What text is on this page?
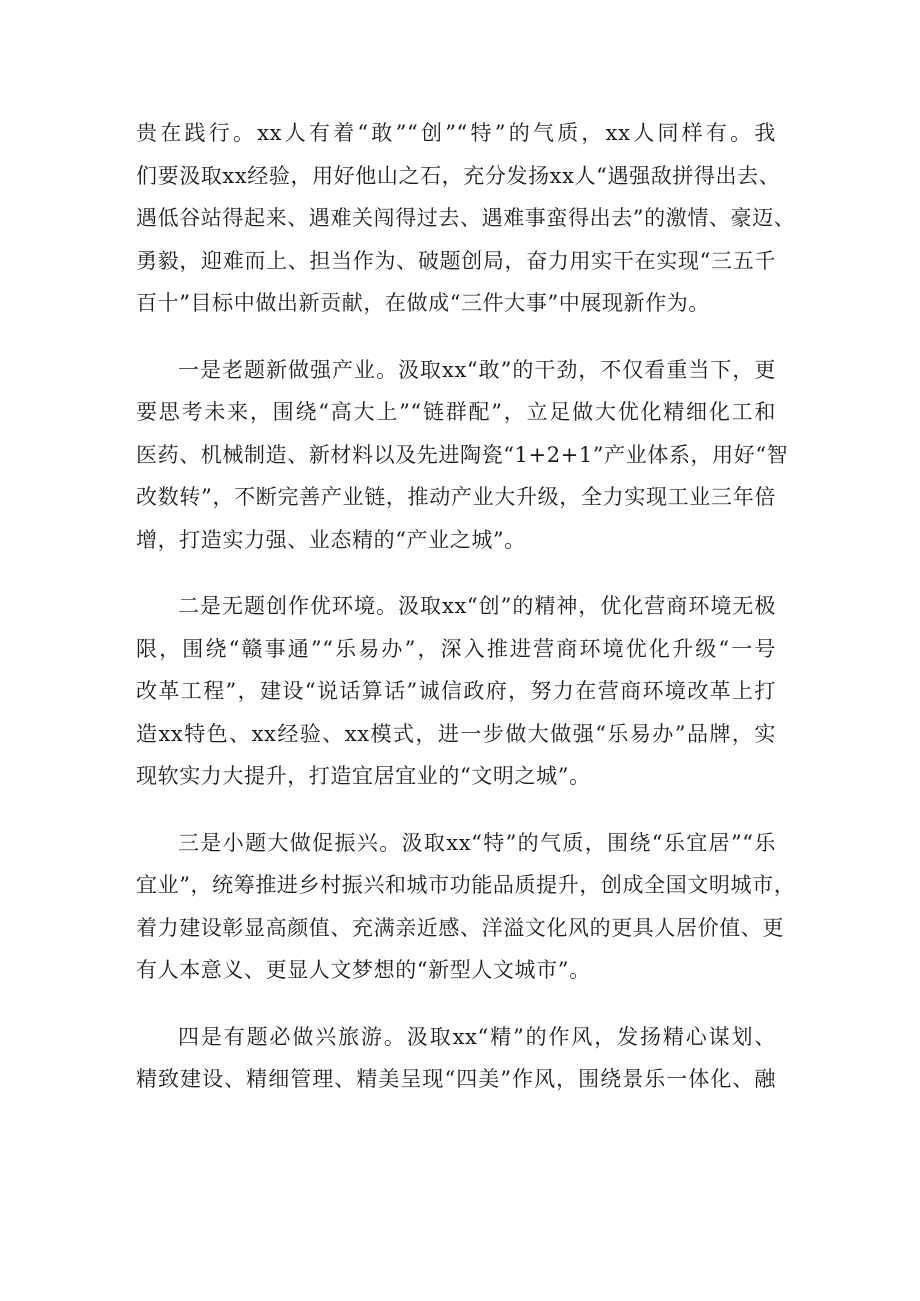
贵在践行。xx人有着“敢”“创”“特”的气质，xx人同样有。我
们要汲取xx经验，用好他山之石，充分发扬xx人“遇强敌拼得出去、
遇低谷站得起来、遇难关闯得过去、遇难事蛮得出去”的激情、豪迈、
勇毅，迎难而上、担当作为、破题创局，奋力用实干在实现“三五千
百十”目标中做出新贡献，在做成“三件大事”中展现新作为。

一是老题新做强产业。汲取xx“敢”的干劲，不仅看重当下，更
要思考未来，围绕“高大上”“链群配”，立足做大优化精细化工和
医药、机械制造、新材料以及先进陶瓷“1+2+1”产业体系，用好“智
改数转”，不断完善产业链，推动产业大升级，全力实现工业三年倍
增，打造实力强、业态精的“产业之城”。

二是无题创作优环境。汲取xx“创”的精神，优化营商环境无极
限，围绕“赣事通”“乐易办”，深入推进营商环境优化升级“一号
改革工程”，建设“说话算话”诚信政府，努力在营商环境改革上打
造xx特色、xx经验、xx模式，进一步做大做强“乐易办”品牌，实
现软实力大提升，打造宜居宜业的“文明之城”。

三是小题大做促振兴。汲取xx“特”的气质，围绕“乐宜居”“乐
宜业”，统筹推进乡村振兴和城市功能品质提升，创成全国文明城市，
着力建设彰显高颜值、充满亲近感、洋溢文化风的更具人居价值、更
有人本意义、更显人文梦想的“新型人文城市”。

四是有题必做兴旅游。汲取xx“精”的作风，发扬精心谋划、
精致建设、精细管理、精美呈现“四美”作风，围绕景乐一体化、融
